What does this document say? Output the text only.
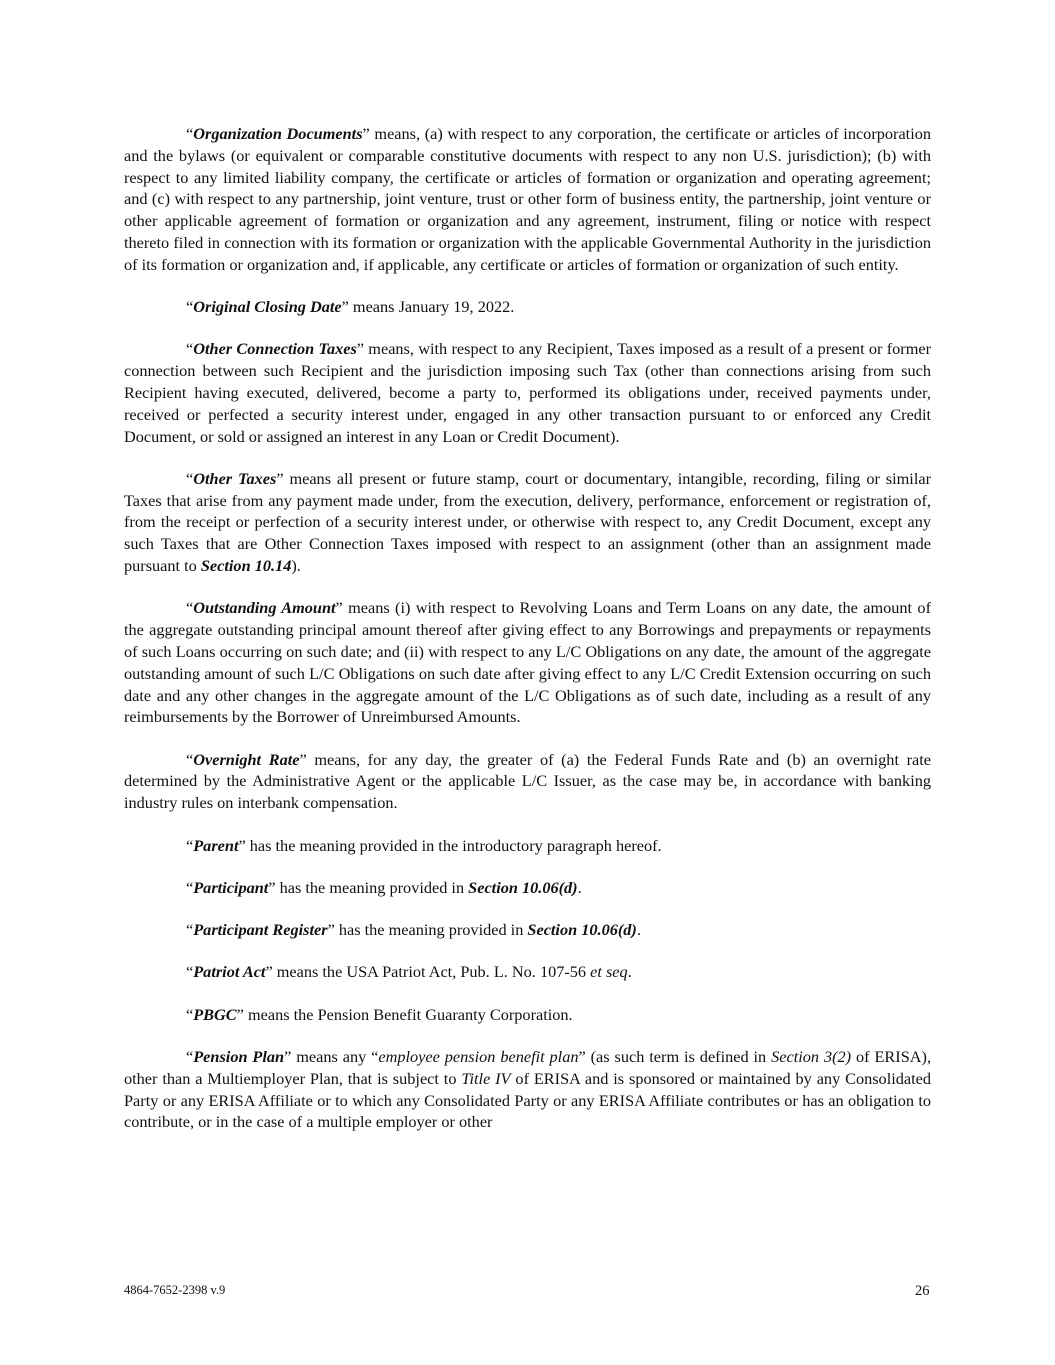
“Organization Documents” means, (a) with respect to any corporation, the certificate or articles of incorporation and the bylaws (or equivalent or comparable constitutive documents with respect to any non U.S. jurisdiction); (b) with respect to any limited liability company, the certificate or articles of formation or organization and operating agreement; and (c) with respect to any partnership, joint venture, trust or other form of business entity, the partnership, joint venture or other applicable agreement of formation or organization and any agreement, instrument, filing or notice with respect thereto filed in connection with its formation or organization with the applicable Governmental Authority in the jurisdiction of its formation or organization and, if applicable, any certificate or articles of formation or organization of such entity.

“Original Closing Date” means January 19, 2022.

“Other Connection Taxes” means, with respect to any Recipient, Taxes imposed as a result of a present or former connection between such Recipient and the jurisdiction imposing such Tax (other than connections arising from such Recipient having executed, delivered, become a party to, performed its obligations under, received payments under, received or perfected a security interest under, engaged in any other transaction pursuant to or enforced any Credit Document, or sold or assigned an interest in any Loan or Credit Document).

“Other Taxes” means all present or future stamp, court or documentary, intangible, recording, filing or similar Taxes that arise from any payment made under, from the execution, delivery, performance, enforcement or registration of, from the receipt or perfection of a security interest under, or otherwise with respect to, any Credit Document, except any such Taxes that are Other Connection Taxes imposed with respect to an assignment (other than an assignment made pursuant to Section 10.14).

“Outstanding Amount” means (i) with respect to Revolving Loans and Term Loans on any date, the amount of the aggregate outstanding principal amount thereof after giving effect to any Borrowings and prepayments or repayments of such Loans occurring on such date; and (ii) with respect to any L/C Obligations on any date, the amount of the aggregate outstanding amount of such L/C Obligations on such date after giving effect to any L/C Credit Extension occurring on such date and any other changes in the aggregate amount of the L/C Obligations as of such date, including as a result of any reimbursements by the Borrower of Unreimbursed Amounts.

“Overnight Rate” means, for any day, the greater of (a) the Federal Funds Rate and (b) an overnight rate determined by the Administrative Agent or the applicable L/C Issuer, as the case may be, in accordance with banking industry rules on interbank compensation.

“Parent” has the meaning provided in the introductory paragraph hereof.

“Participant” has the meaning provided in Section 10.06(d).

“Participant Register” has the meaning provided in Section 10.06(d).

“Patriot Act” means the USA Patriot Act, Pub. L. No. 107-56 et seq.

“PBGC” means the Pension Benefit Guaranty Corporation.

“Pension Plan” means any “employee pension benefit plan” (as such term is defined in Section 3(2) of ERISA), other than a Multiemployer Plan, that is subject to Title IV of ERISA and is sponsored or maintained by any Consolidated Party or any ERISA Affiliate or to which any Consolidated Party or any ERISA Affiliate contributes or has an obligation to contribute, or in the case of a multiple employer or other

4864-7652-2398 v.9	26
